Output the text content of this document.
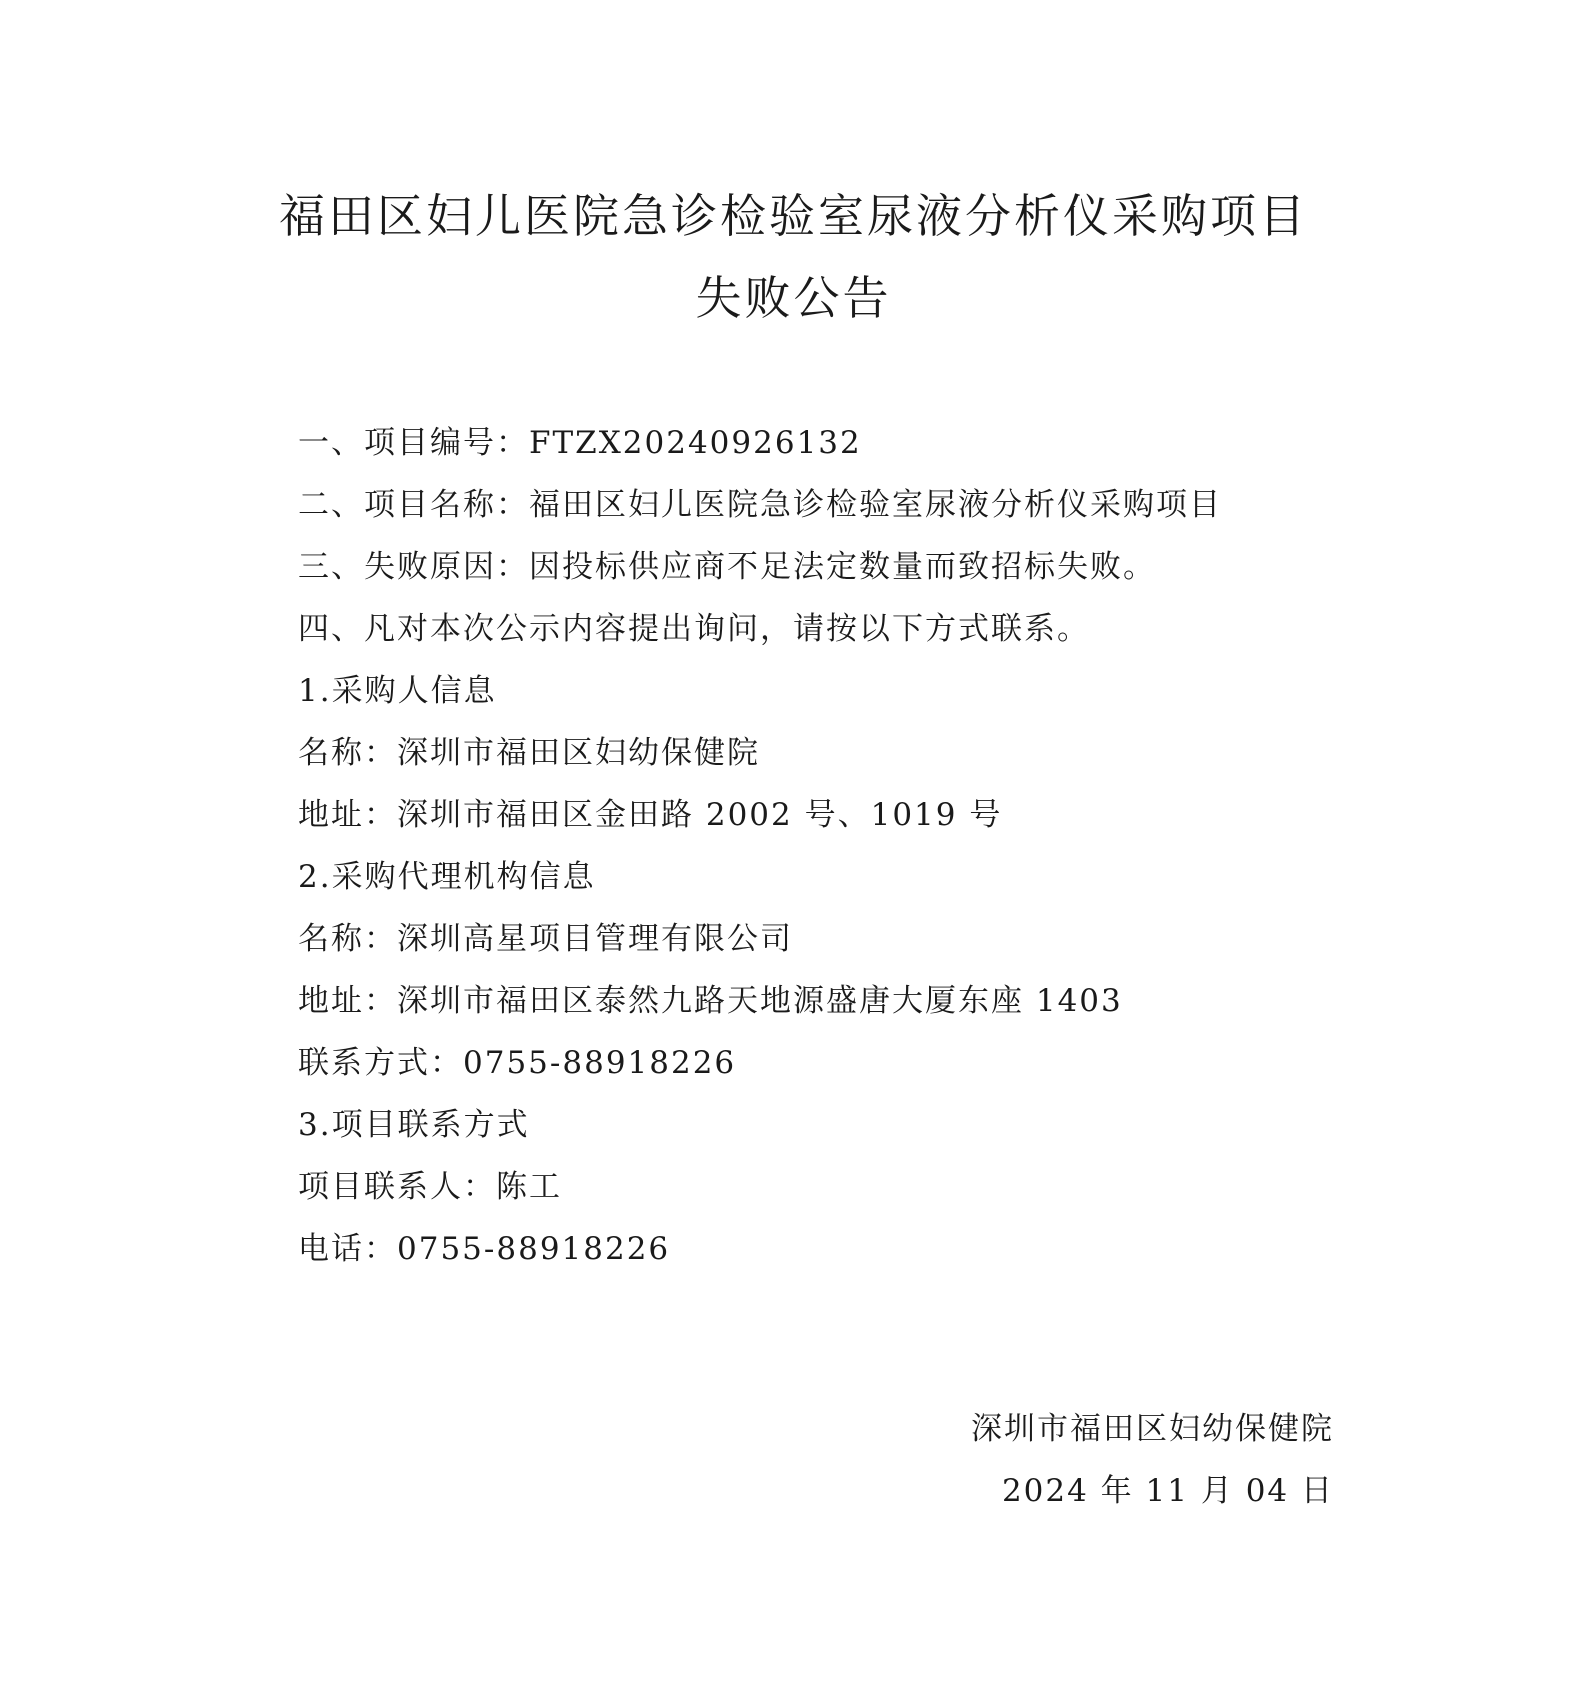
福田区妇儿医院急诊检验室尿液分析仪采购项目
失败公告
一、项目编号：FTZX20240926132
二、项目名称：福田区妇儿医院急诊检验室尿液分析仪采购项目
三、失败原因：因投标供应商不足法定数量而致招标失败。
四、凡对本次公示内容提出询问，请按以下方式联系。
1.采购人信息
名称：深圳市福田区妇幼保健院
地址：深圳市福田区金田路 2002 号、1019 号
2.采购代理机构信息
名称：深圳高星项目管理有限公司
地址：深圳市福田区泰然九路天地源盛唐大厦东座 1403
联系方式：0755-88918226
3.项目联系方式
项目联系人：陈工
电话：0755-88918226
深圳市福田区妇幼保健院
2024 年 11 月 04 日
